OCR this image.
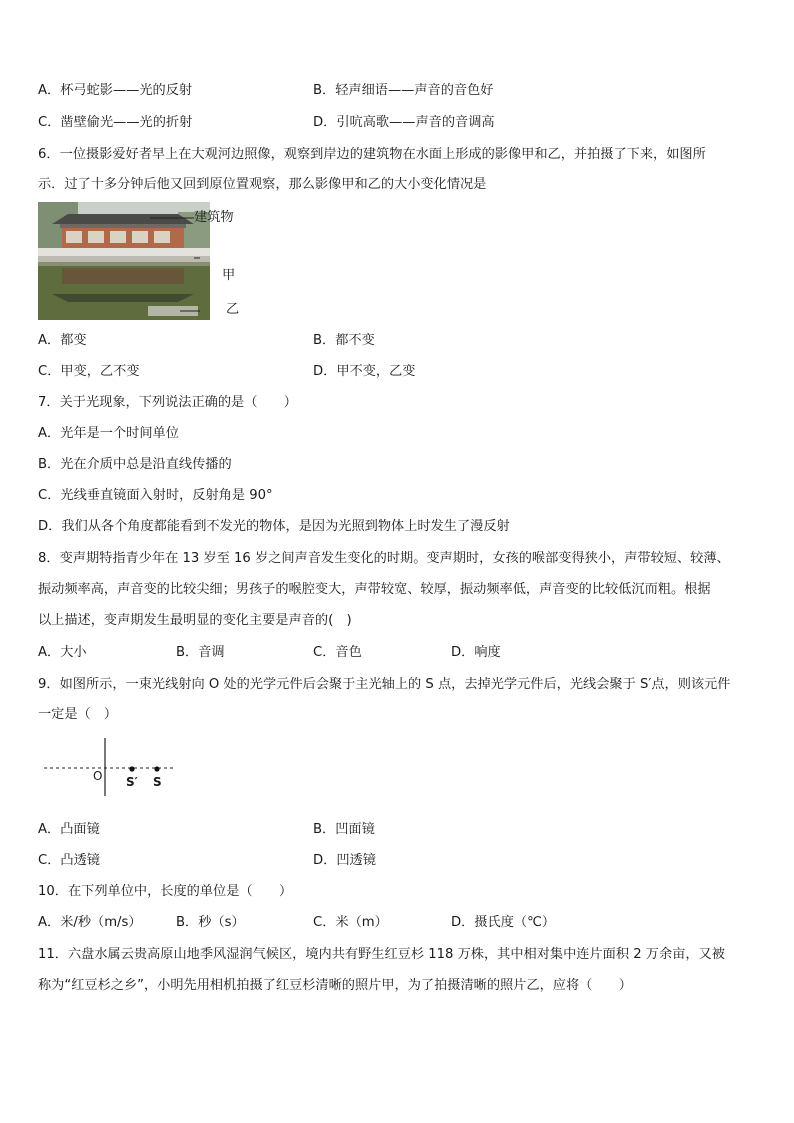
A．杯弓蛇影——光的反射	B．轻声细语——声音的音色好
C．凿壁偷光——光的折射	D．引吭高歌——声音的音调高
6．一位摄影爱好者早上在大观河边照像，观察到岸边的建筑物在水面上形成的影像甲和乙，并拍摄了下来，如图所
示．过了十多分钟后他又回到原位置观察，那么影像甲和乙的大小变化情况是
建筑物
甲
乙
A．都变	B．都不变
C．甲变，乙不变	D．甲不变，乙变
7．关于光现象，下列说法正确的是（　　）
A．光年是一个时间单位
B．光在介质中总是沿直线传播的
C．光线垂直镜面入射时，反射角是 90°
D．我们从各个角度都能看到不发光的物体，是因为光照到物体上时发生了漫反射
8．变声期特指青少年在 13 岁至 16 岁之间声音发生变化的时期。变声期时，女孩的喉部变得狭小，声带较短、较薄、
振动频率高，声音变的比较尖细；男孩子的喉腔变大，声带较宽、较厚，振动频率低，声音变的比较低沉而粗。根据
以上描述，变声期发生最明显的变化主要是声音的(　)
A．大小	B．音调	C．音色	D．响度
9．如图所示，一束光线射向 O 处的光学元件后会聚于主光轴上的 S 点，去掉光学元件后，光线会聚于 S′点，则该元件
一定是（　）
O S′ S
A．凸面镜	B．凹面镜
C．凸透镜	D．凹透镜
10．在下列单位中，长度的单位是（　　）
A．米/秒（m/s）	B．秒（s）	C．米（m）	D．摄氏度（℃）
11．六盘水属云贵高原山地季风湿润气候区，境内共有野生红豆杉 118 万株，其中相对集中连片面积 2 万余亩，又被
称为“红豆杉之乡”，小明先用相机拍摄了红豆杉清晰的照片甲，为了拍摄清晰的照片乙，应将（　　）
